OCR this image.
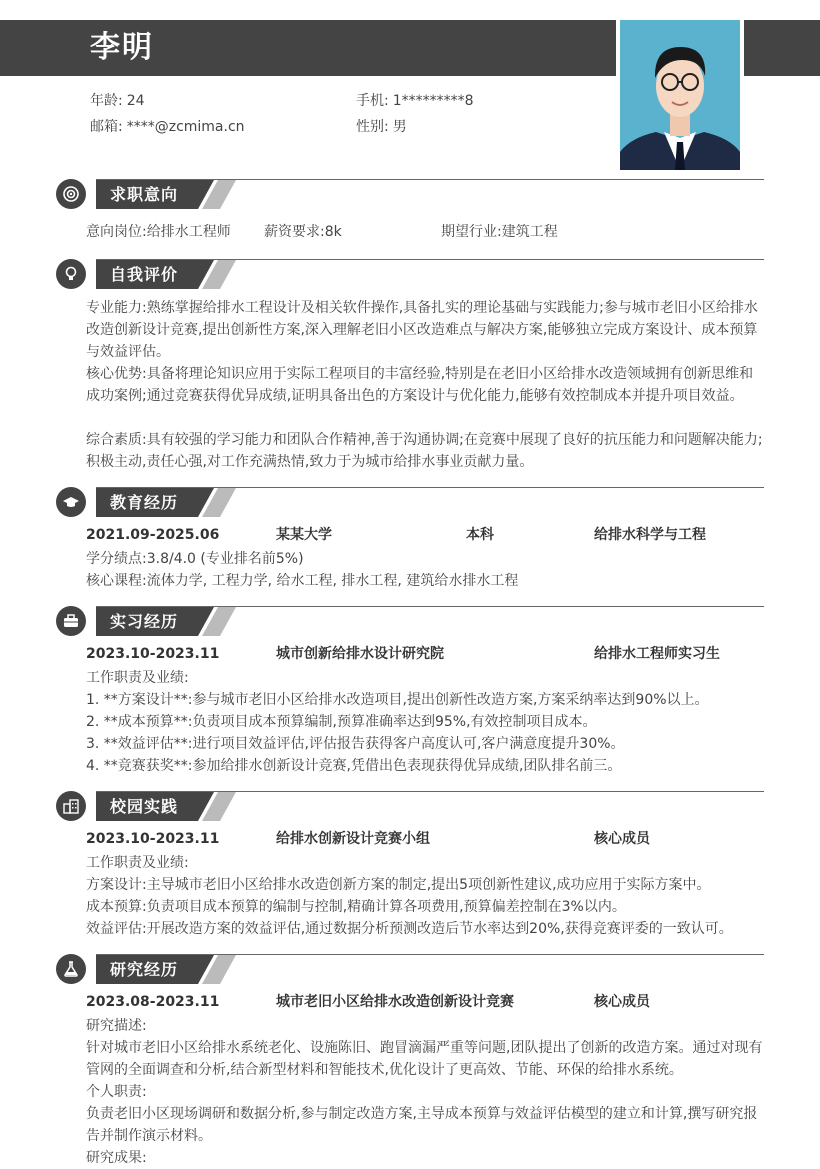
李明
年龄: 24	手机: 1*********8
邮箱: ****@zcmima.cn	性别: 男
求职意向
意向岗位:给排水工程师 薪资要求:8k	期望行业:建筑工程
自我评价
专业能力:熟练掌握给排水工程设计及相关软件操作,具备扎实的理论基础与实践能力;参与城市老旧小区给排水改造创新设计竞赛,提出创新性方案,深入理解老旧小区改造难点与解决方案,能够独立完成方案设计、成本预算与效益评估。
核心优势:具备将理论知识应用于实际工程项目的丰富经验,特别是在老旧小区给排水改造领域拥有创新思维和成功案例;通过竞赛获得优异成绩,证明具备出色的方案设计与优化能力,能够有效控制成本并提升项目效益。
综合素质:具有较强的学习能力和团队合作精神,善于沟通协调;在竞赛中展现了良好的抗压能力和问题解决能力;积极主动,责任心强,对工作充满热情,致力于为城市给排水事业贡献力量。
教育经历
2021.09-2025.06	某某大学	本科	给排水科学与工程
学分绩点:3.8/4.0 (专业排名前5%)
核心课程:流体力学, 工程力学, 给水工程, 排水工程, 建筑给水排水工程
实习经历
2023.10-2023.11	城市创新给排水设计研究院	给排水工程师实习生
工作职责及业绩:
1. **方案设计**:参与城市老旧小区给排水改造项目,提出创新性改造方案,方案采纳率达到90%以上。
2. **成本预算**:负责项目成本预算编制,预算准确率达到95%,有效控制项目成本。
3. **效益评估**:进行项目效益评估,评估报告获得客户高度认可,客户满意度提升30%。
4. **竞赛获奖**:参加给排水创新设计竞赛,凭借出色表现获得优异成绩,团队排名前三。
校园实践
2023.10-2023.11	给排水创新设计竞赛小组	核心成员
工作职责及业绩:
方案设计:主导城市老旧小区给排水改造创新方案的制定,提出5项创新性建议,成功应用于实际方案中。
成本预算:负责项目成本预算的编制与控制,精确计算各项费用,预算偏差控制在3%以内。
效益评估:开展改造方案的效益评估,通过数据分析预测改造后节水率达到20%,获得竞赛评委的一致认可。
研究经历
2023.08-2023.11	城市老旧小区给排水改造创新设计竞赛	核心成员
研究描述:
针对城市老旧小区给排水系统老化、设施陈旧、跑冒滴漏严重等问题,团队提出了创新的改造方案。通过对现有管网的全面调查和分析,结合新型材料和智能技术,优化设计了更高效、节能、环保的给排水系统。
个人职责:
负责老旧小区现场调研和数据分析,参与制定改造方案,主导成本预算与效益评估模型的建立和计算,撰写研究报告并制作演示材料。
研究成果:
